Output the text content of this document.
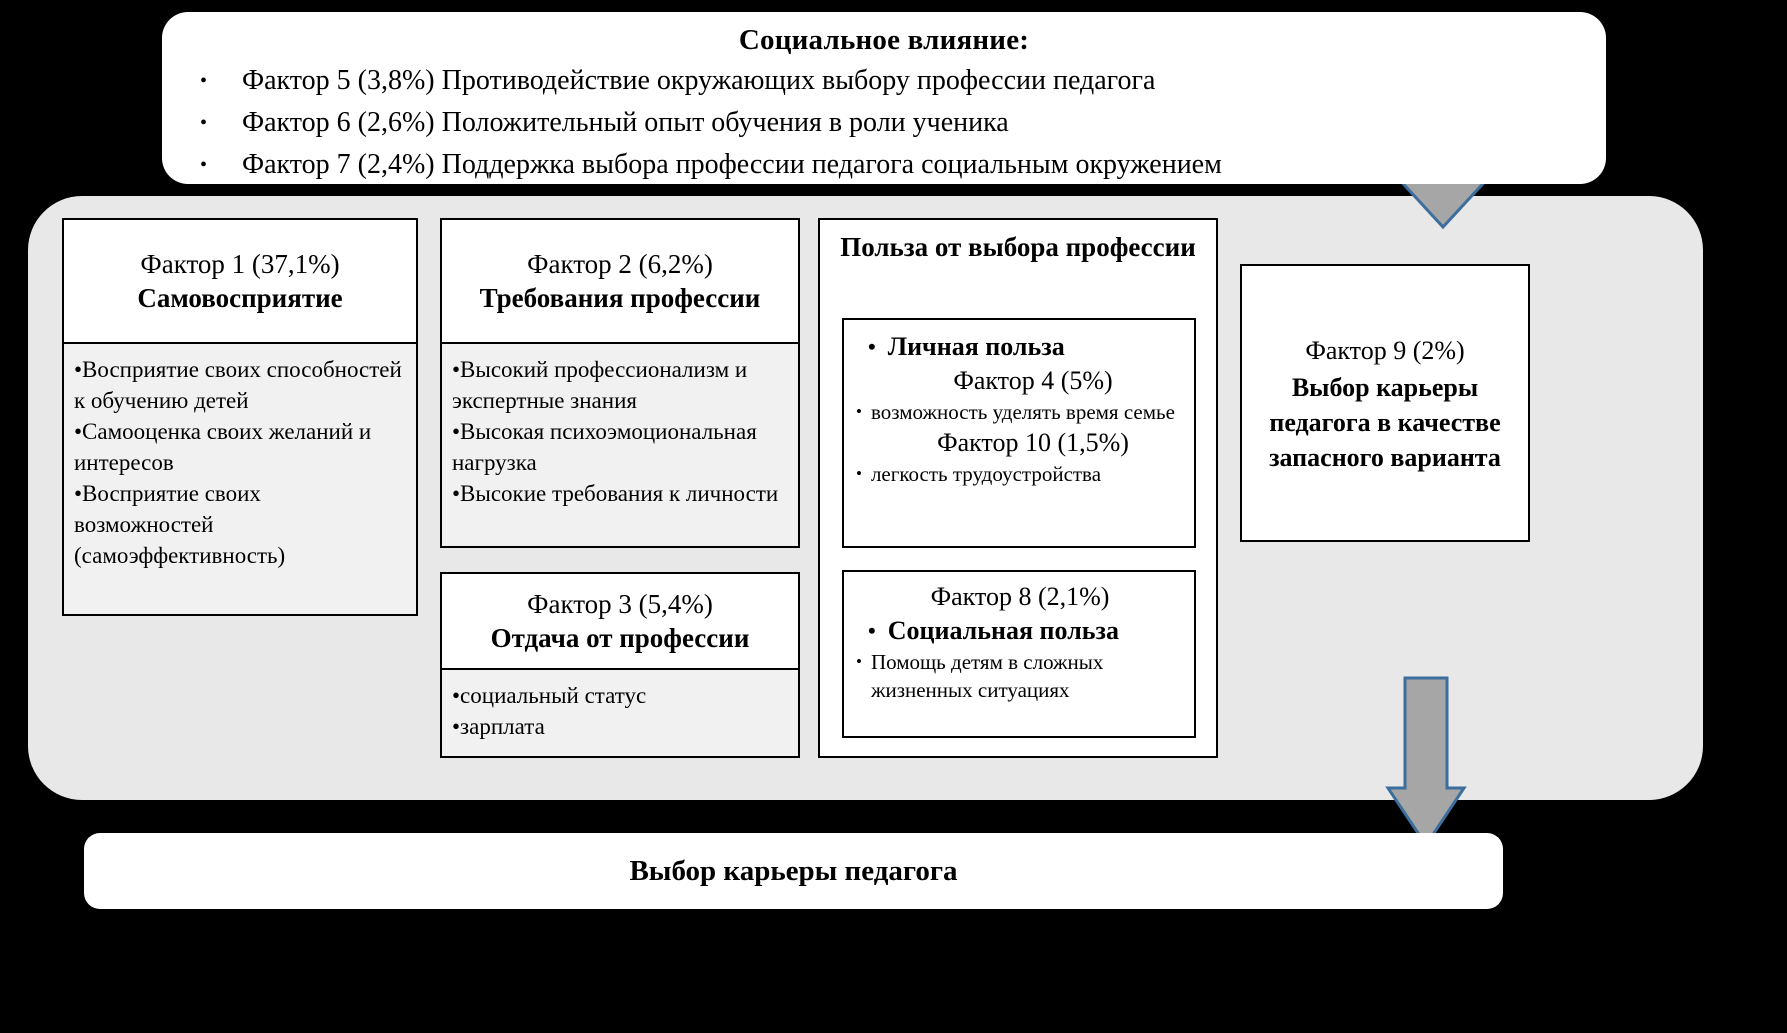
Социальное влияние:
•	Фактор 5 (3,8%) Противодействие окружающих выбору профессии педагога
•	Фактор 6 (2,6%) Положительный опыт обучения в роли ученика
•	Фактор 7 (2,4%) Поддержка выбора профессии педагога социальным окружением
Фактор 1 (37,1%)
Самовосприятие
•Восприятие своих способностей к обучению детей
•Самооценка своих желаний и интересов
•Восприятие своих возможностей (самоэффективность)
Фактор 2 (6,2%)
Требования профессии
•Высокий профессионализм и экспертные знания
•Высокая психоэмоциональная нагрузка
•Высокие требования к личности
Фактор 3 (5,4%)
Отдача от профессии
•социальный статус
•зарплата
Польза от выбора профессии
• Личная польза
Фактор 4 (5%)
• возможность уделять время семье
Фактор 10 (1,5%)
• легкость трудоустройства
Фактор 8 (2,1%)
• Социальная польза
• Помощь детям в сложных жизненных ситуациях
Фактор 9 (2%)
Выбор карьеры педагога в качестве запасного варианта
Выбор карьеры педагога
